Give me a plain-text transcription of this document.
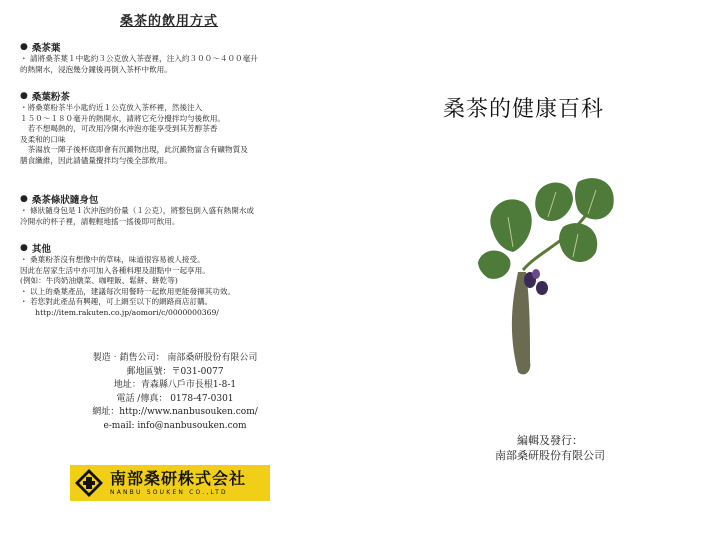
桑茶的飲用方式
● 桑茶葉

・ 請將桑茶葉１中匙約３公克放入茶壺裡，注入約３００～４００毫升

的熱開水，浸泡幾分鐘後再倒入茶杯中飲用。

● 桑葉粉茶

・將桑葉粉茶半小匙約近１公克放入茶杯裡，然後注入

１５０～１８０毫升的熱開水，請將它充分攪拌均勻後飲用。

　若不想喝熱的，可改用冷開水沖泡亦能享受到其芳醇茶香

及柔和的口味

　茶湯放一陣子後杯底即會有沉澱物出現，此沉澱物富含有礦物質及

膳食纖維，因此請儘量攪拌均勻後全部飲用。

● 桑茶條狀隨身包

・ 條狀隨身包是１次沖泡的份量（１公克），將整包倒入盛有熱開水或

冷開水的杯子裡，請輕輕地搖一搖後即可飲用。

● 其他

・ 桑葉粉茶沒有想像中的草味，味道很容易被人接受。

因此在居家生活中亦可加入各種料理及甜點中一起享用。

(例如：牛肉奶油燉菜、咖哩飯、鬆餅、餅乾等)

・ 以上的桑葉產品，建議每次用餐時一起飲用更能發揮其功效。

・ 若您對此產品有興趣，可上網至以下的網路商店訂購。

　　http://item.rakuten.co.jp/aomori/c/0000000369/

製造‧銷售公司： 南部桑研股份有限公司
郵地區號：〒031-0077
地址：青森縣八戶市長根1-8-1
電話 /傳真： 0178-47-0301
網址：http://www.nanbusouken.com/
e-mail: info@nanbusouken.com
南部桑研株式会社
NANBU SOUKEN CO.,LTD
桑茶的健康百科
編輯及發行：
南部桑研股份有限公司
